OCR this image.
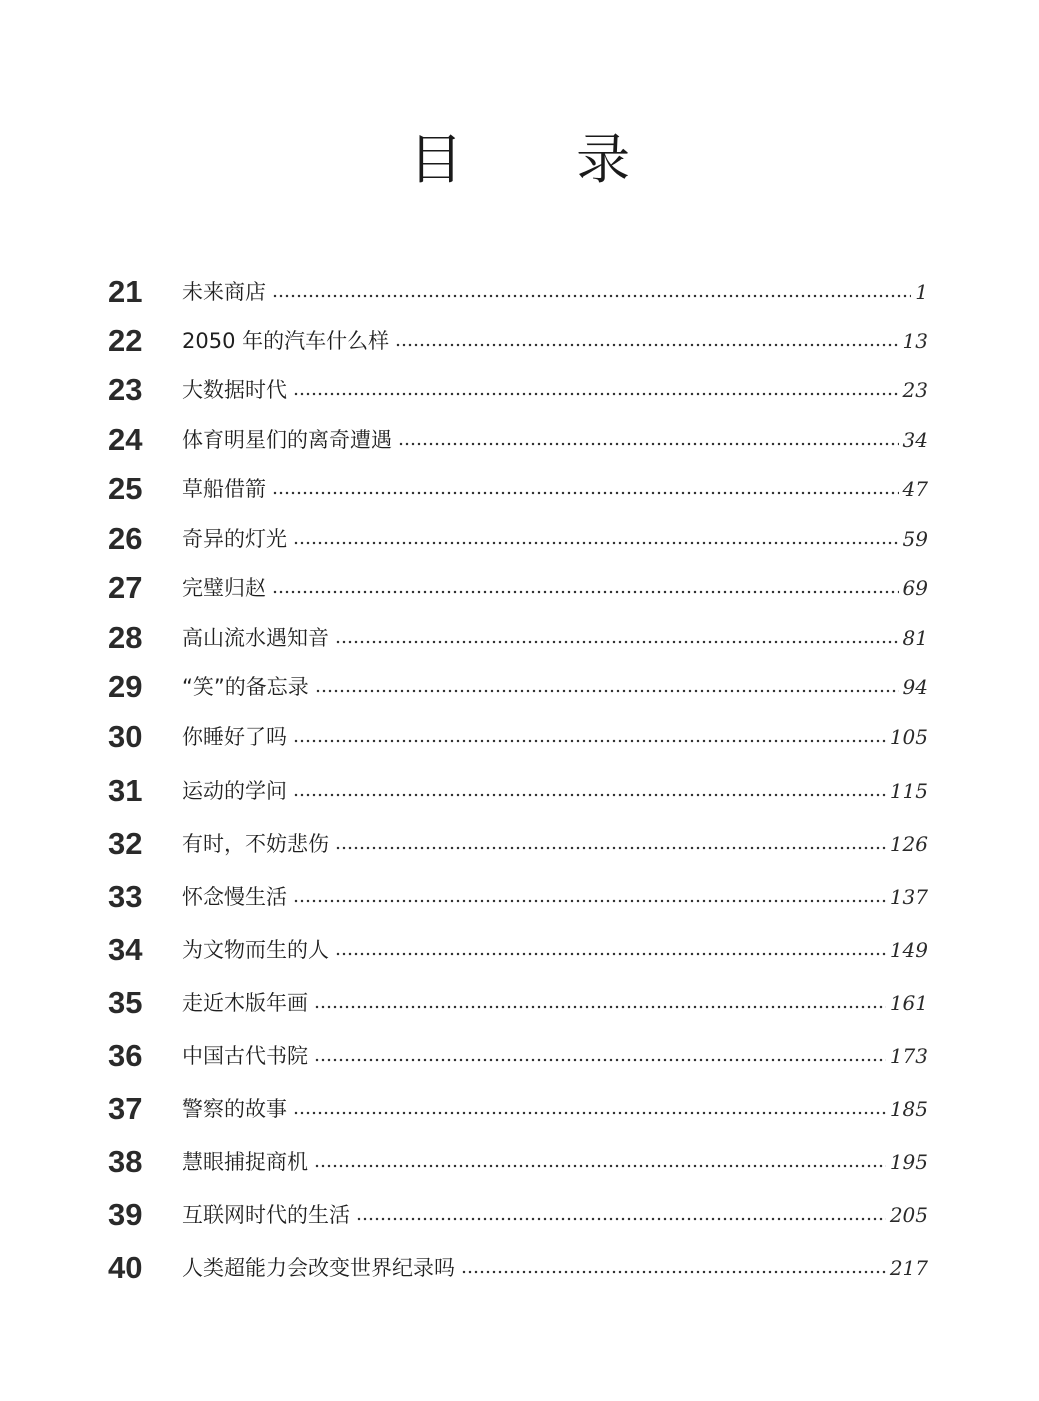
目 录
21	未来商店	1
22	2050 年的汽车什么样	13
23	大数据时代	23
24	体育明星们的离奇遭遇	34
25	草船借箭	47
26	奇异的灯光	59
27	完璧归赵	69
28	高山流水遇知音	81
29	“笑”的备忘录	94
30	你睡好了吗	105
31	运动的学问	115
32	有时，不妨悲伤	126
33	怀念慢生活	137
34	为文物而生的人	149
35	走近木版年画	161
36	中国古代书院	173
37	警察的故事	185
38	慧眼捕捉商机	195
39	互联网时代的生活	205
40	人类超能力会改变世界纪录吗	217
